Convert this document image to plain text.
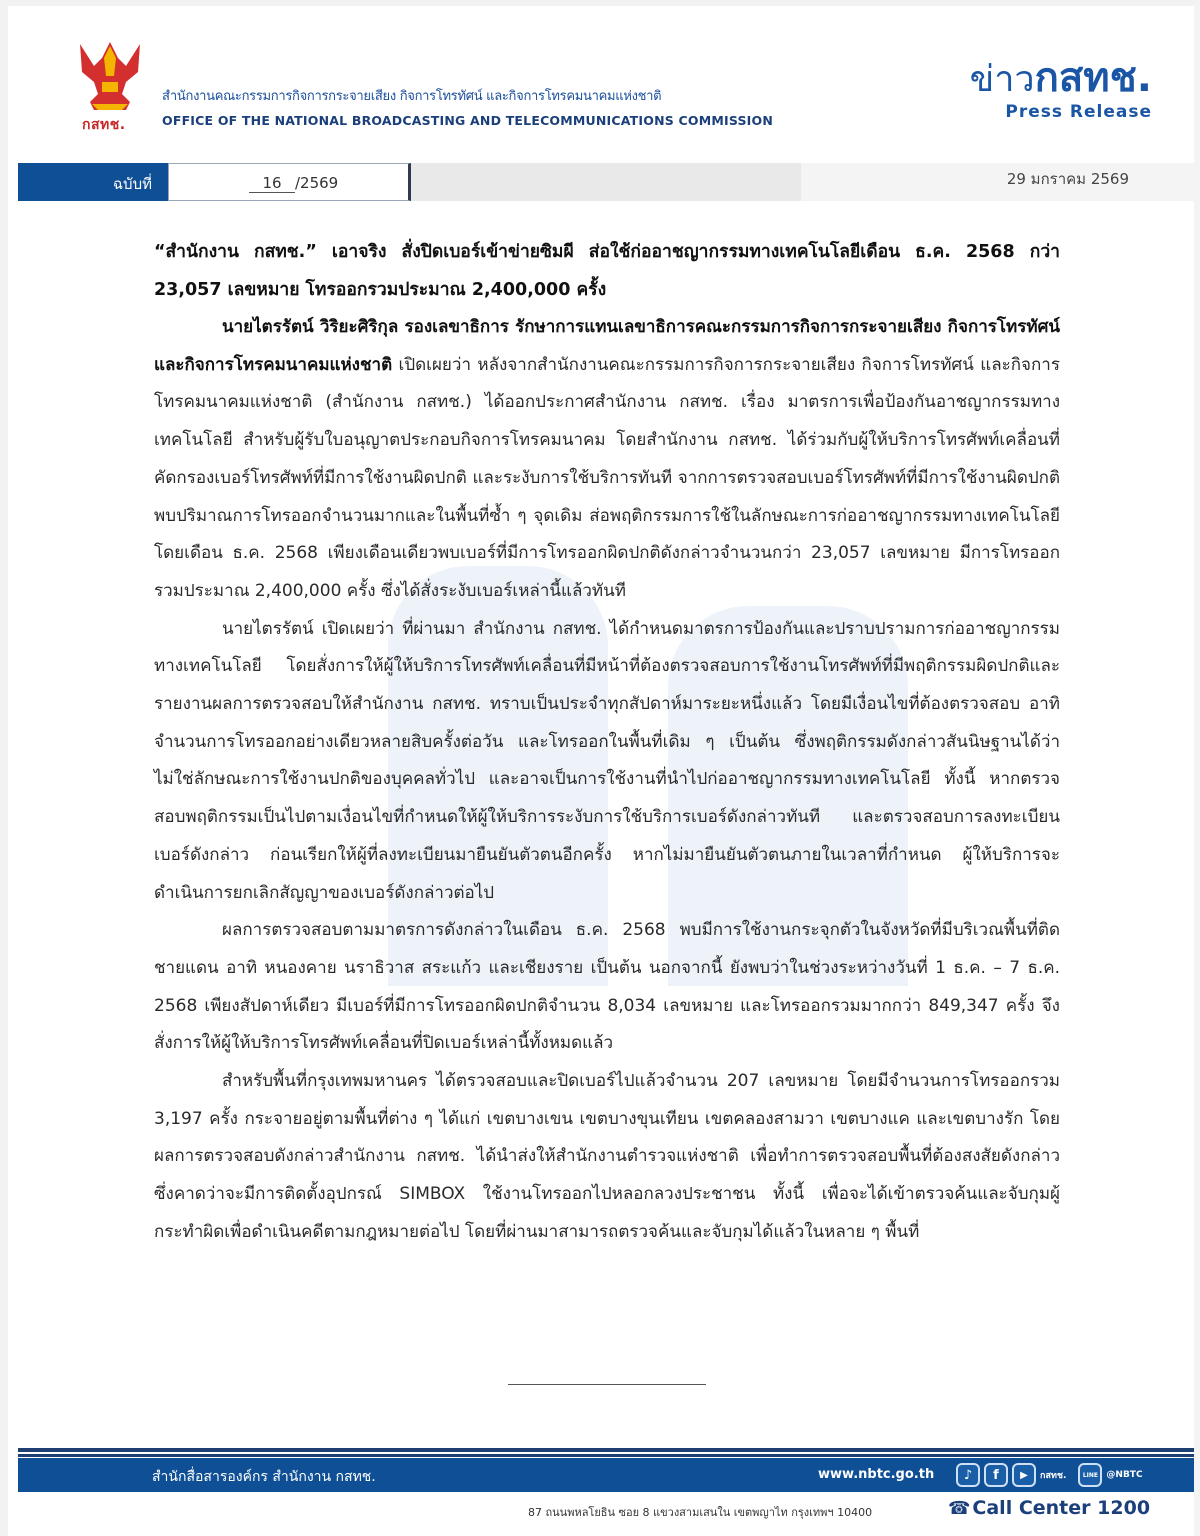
กสทช.
สำนักงานคณะกรรมการกิจการกระจายเสียง กิจการโทรทัศน์ และกิจการโทรคมนาคมแห่งชาติ
OFFICE OF THE NATIONAL BROADCASTING AND TELECOMMUNICATIONS COMMISSION
ข่าวกสทช.
Press Release
ฉบับที่	16 /2569	29 มกราคม 2569

“สำนักงาน กสทช.” เอาจริง สั่งปิดเบอร์เข้าข่ายซิมผี ส่อใช้ก่ออาชญากรรมทางเทคโนโลยีเดือน ธ.ค. 2568 กว่า 23,057 เลขหมาย โทรออกรวมประมาณ 2,400,000 ครั้ง

นายไตรรัตน์ วิริยะศิริกุล รองเลขาธิการ รักษาการแทนเลขาธิการคณะกรรมการกิจการกระจายเสียง กิจการโทรทัศน์ และกิจการโทรคมนาคมแห่งชาติ เปิดเผยว่า หลังจากสำนักงานคณะกรรมการกิจการกระจายเสียง กิจการโทรทัศน์ และกิจการโทรคมนาคมแห่งชาติ (สำนักงาน กสทช.) ได้ออกประกาศสำนักงาน กสทช. เรื่อง มาตรการเพื่อป้องกันอาชญากรรมทางเทคโนโลยี สำหรับผู้รับใบอนุญาตประกอบกิจการโทรคมนาคม โดยสำนักงาน กสทช. ได้ร่วมกับผู้ให้บริการโทรศัพท์เคลื่อนที่คัดกรองเบอร์โทรศัพท์ที่มีการใช้งานผิดปกติ และระงับการใช้บริการทันที จากการตรวจสอบเบอร์โทรศัพท์ที่มีการใช้งานผิดปกติ พบปริมาณการโทรออกจำนวนมากและในพื้นที่ซ้ำ ๆ จุดเดิม ส่อพฤติกรรมการใช้ในลักษณะการก่ออาชญากรรมทางเทคโนโลยี โดยเดือน ธ.ค. 2568 เพียงเดือนเดียวพบเบอร์ที่มีการโทรออกผิดปกติดังกล่าวจำนวนกว่า 23,057 เลขหมาย มีการโทรออกรวมประมาณ 2,400,000 ครั้ง ซึ่งได้สั่งระงับเบอร์เหล่านี้แล้วทันที

นายไตรรัตน์ เปิดเผยว่า ที่ผ่านมา สำนักงาน กสทช. ได้กำหนดมาตรการป้องกันและปราบปรามการก่ออาชญากรรมทางเทคโนโลยี โดยสั่งการให้ผู้ให้บริการโทรศัพท์เคลื่อนที่มีหน้าที่ต้องตรวจสอบการใช้งานโทรศัพท์ที่มีพฤติกรรมผิดปกติและรายงานผลการตรวจสอบให้สำนักงาน กสทช. ทราบเป็นประจำทุกสัปดาห์มาระยะหนึ่งแล้ว โดยมีเงื่อนไขที่ต้องตรวจสอบ อาทิ จำนวนการโทรออกอย่างเดียวหลายสิบครั้งต่อวัน และโทรออกในพื้นที่เดิม ๆ เป็นต้น ซึ่งพฤติกรรมดังกล่าวสันนิษฐานได้ว่าไม่ใช่ลักษณะการใช้งานปกติของบุคคลทั่วไป และอาจเป็นการใช้งานที่นำไปก่ออาชญากรรมทางเทคโนโลยี ทั้งนี้ หากตรวจสอบพฤติกรรมเป็นไปตามเงื่อนไขที่กำหนดให้ผู้ให้บริการระงับการใช้บริการเบอร์ดังกล่าวทันที และตรวจสอบการลงทะเบียนเบอร์ดังกล่าว ก่อนเรียกให้ผู้ที่ลงทะเบียนมายืนยันตัวตนอีกครั้ง หากไม่มายืนยันตัวตนภายในเวลาที่กำหนด ผู้ให้บริการจะดำเนินการยกเลิกสัญญาของเบอร์ดังกล่าวต่อไป

ผลการตรวจสอบตามมาตรการดังกล่าวในเดือน ธ.ค. 2568 พบมีการใช้งานกระจุกตัวในจังหวัดที่มีบริเวณพื้นที่ติดชายแดน อาทิ หนองคาย นราธิวาส สระแก้ว และเชียงราย เป็นต้น นอกจากนี้ ยังพบว่าในช่วงระหว่างวันที่ 1 ธ.ค. – 7 ธ.ค. 2568 เพียงสัปดาห์เดียว มีเบอร์ที่มีการโทรออกผิดปกติจำนวน 8,034 เลขหมาย และโทรออกรวมมากกว่า 849,347 ครั้ง จึงสั่งการให้ผู้ให้บริการโทรศัพท์เคลื่อนที่ปิดเบอร์เหล่านี้ทั้งหมดแล้ว

สำหรับพื้นที่กรุงเทพมหานคร ได้ตรวจสอบและปิดเบอร์ไปแล้วจำนวน 207 เลขหมาย โดยมีจำนวนการโทรออกรวม 3,197 ครั้ง กระจายอยู่ตามพื้นที่ต่าง ๆ ได้แก่ เขตบางเขน เขตบางขุนเทียน เขตคลองสามวา เขตบางแค และเขตบางรัก โดยผลการตรวจสอบดังกล่าวสำนักงาน กสทช. ได้นำส่งให้สำนักงานตำรวจแห่งชาติ เพื่อทำการตรวจสอบพื้นที่ต้องสงสัยดังกล่าวซึ่งคาดว่าจะมีการติดตั้งอุปกรณ์ SIMBOX ใช้งานโทรออกไปหลอกลวงประชาชน ทั้งนี้ เพื่อจะได้เข้าตรวจค้นและจับกุมผู้กระทำผิดเพื่อดำเนินคดีตามกฎหมายต่อไป โดยที่ผ่านมาสามารถตรวจค้นและจับกุมได้แล้วในหลาย ๆ พื้นที่

สำนักสื่อสารองค์กร สำนักงาน กสทช.	www.nbtc.go.th	♪	f	▶	กสทช.	LINE @NBTC
87 ถนนพหลโยธิน ซอย 8 แขวงสามเสนใน เขตพญาไท กรุงเทพฯ 10400	☎ Call Center 1200
